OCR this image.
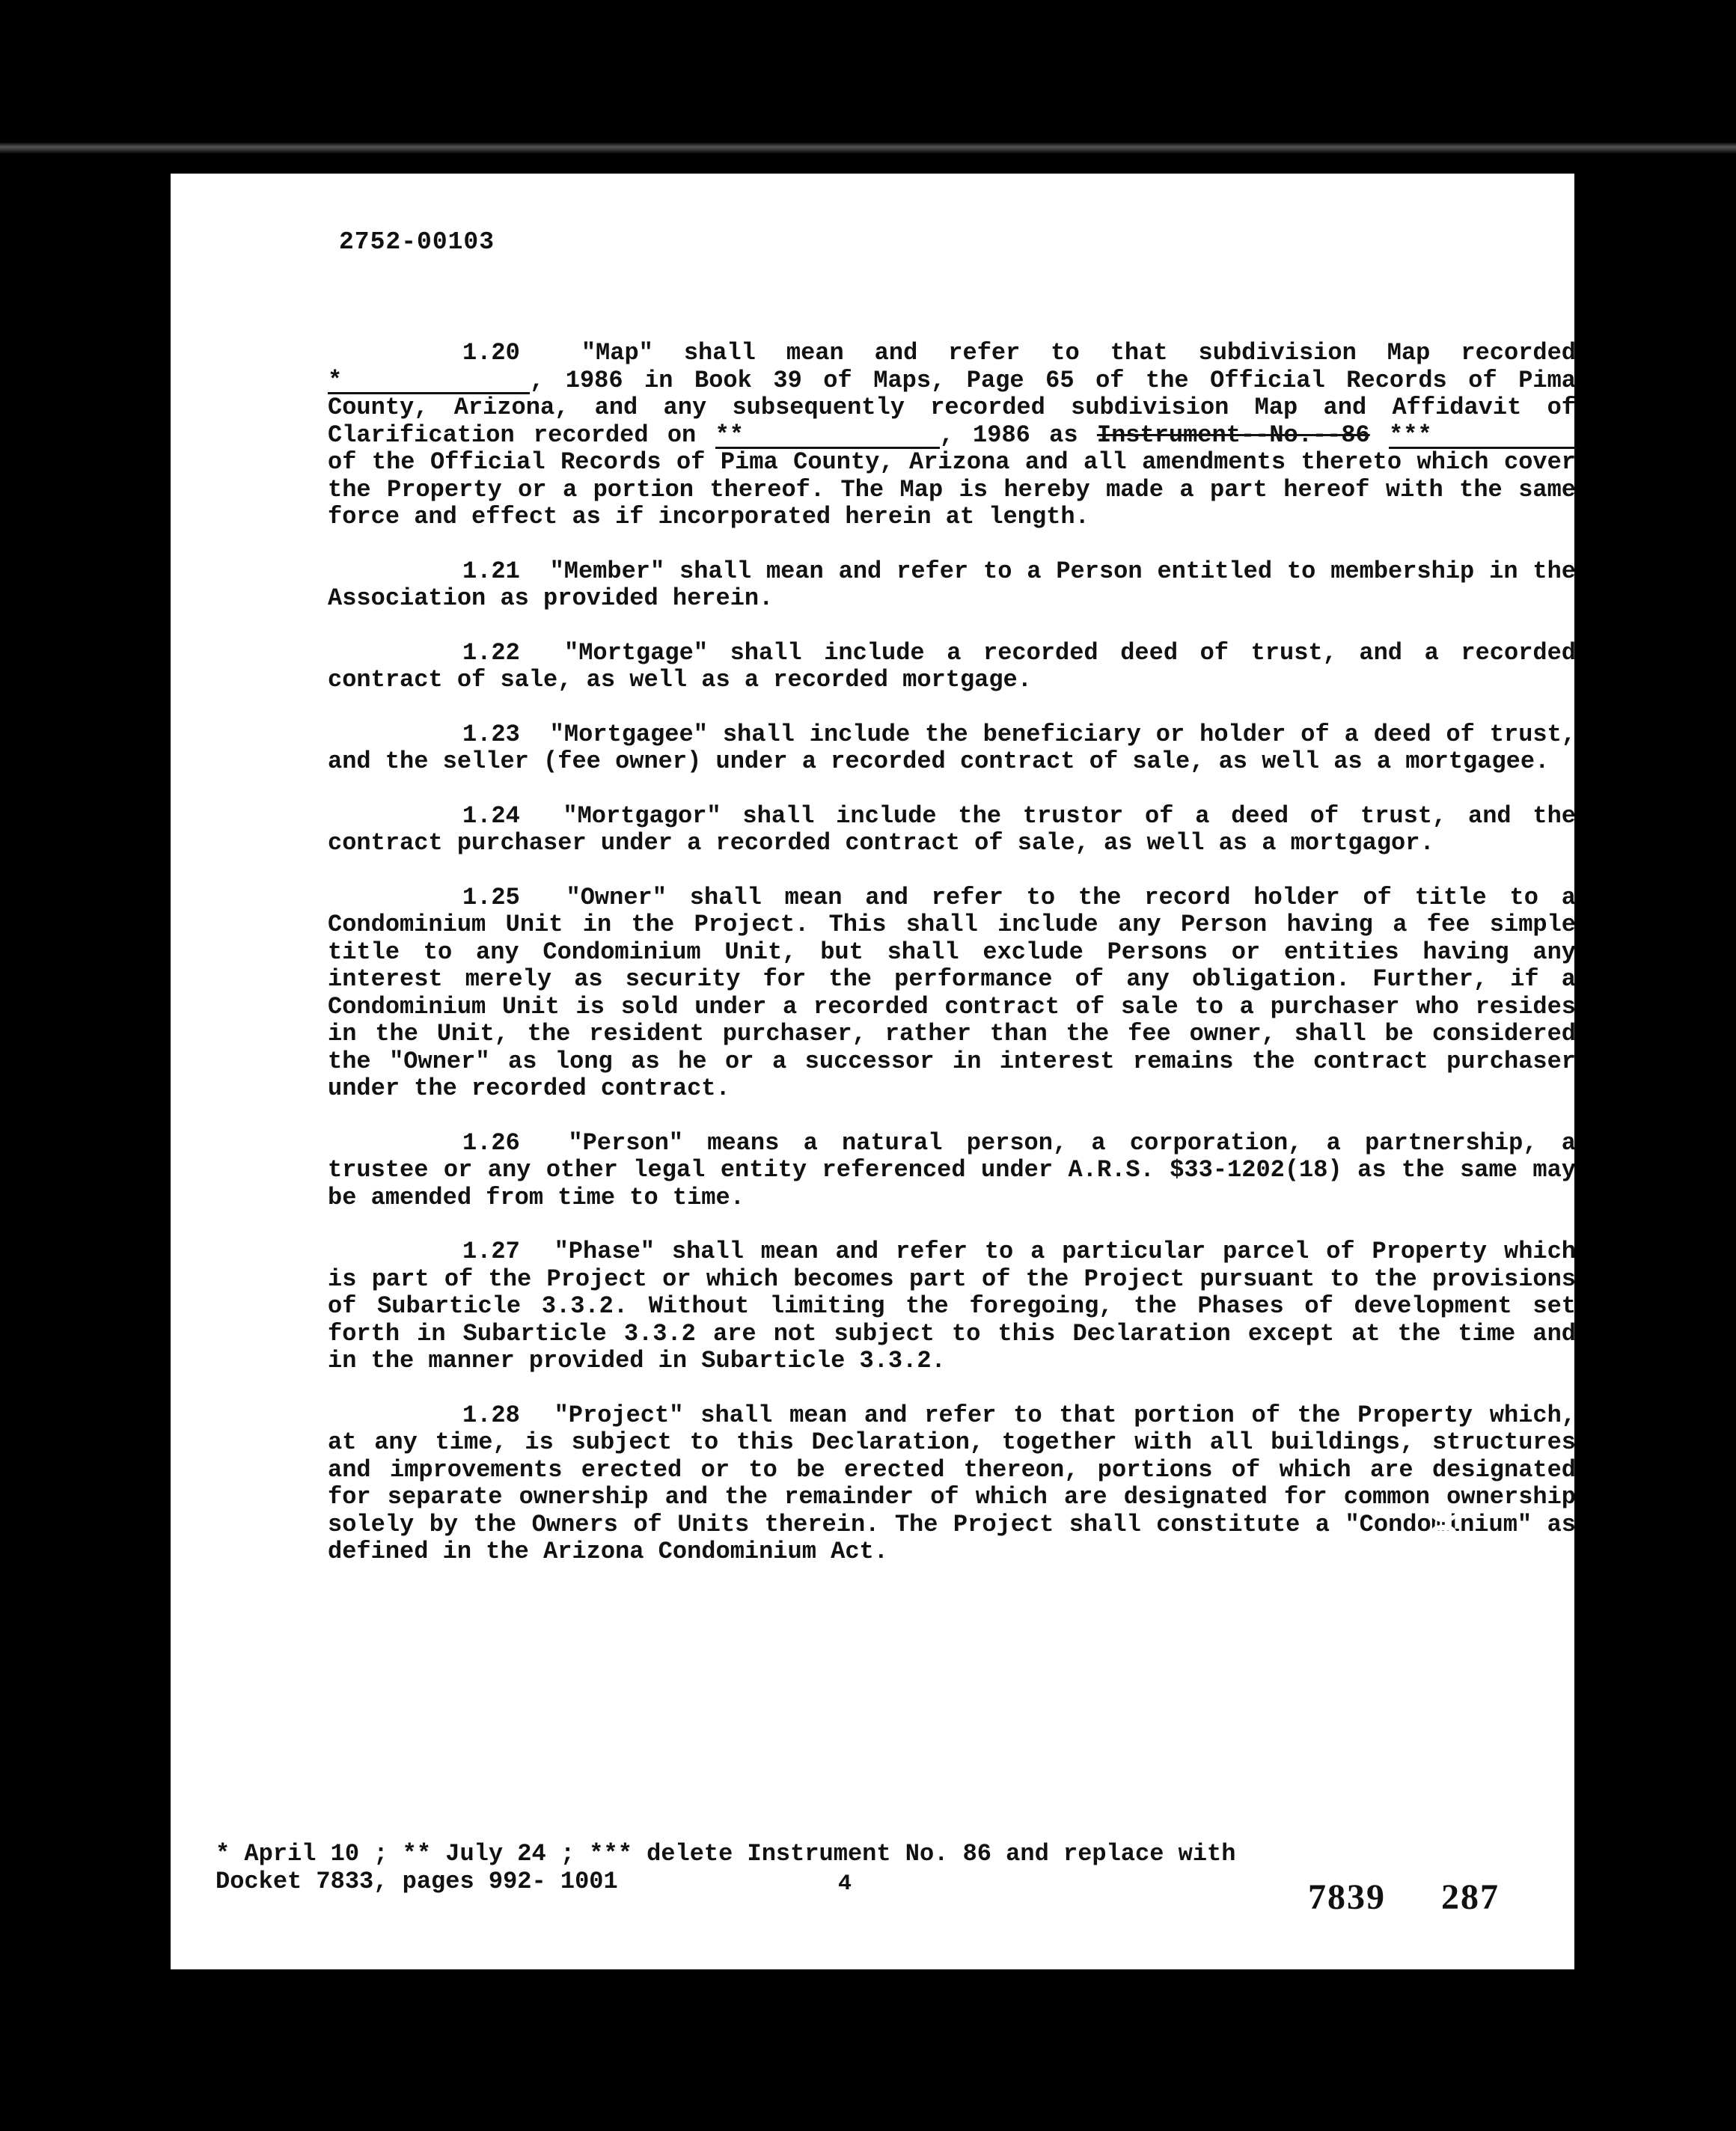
2752-00103

1.20	"Map" shall mean and refer to that subdivision Map recorded *	, 1986 in Book 39 of Maps, Page 65 of the Official Records of Pima County, Arizona, and any subsequently recorded subdivision Map and Affidavit of Clarification recorded on **	, 1986 as Instrument--No.--86 *** of the Official Records of Pima County, Arizona and all amendments thereto which cover the Property or a portion thereof. The Map is hereby made a part hereof with the same force and effect as if incorporated herein at length.

1.21 "Member" shall mean and refer to a Person entitled to membership in the Association as provided herein.

1.22 "Mortgage" shall include a recorded deed of trust, and a recorded contract of sale, as well as a recorded mortgage.

1.23 "Mortgagee" shall include the beneficiary or holder of a deed of trust, and the seller (fee owner) under a recorded contract of sale, as well as a mortgagee.

1.24 "Mortgagor" shall include the trustor of a deed of trust, and the contract purchaser under a recorded contract of sale, as well as a mortgagor.

1.25 "Owner" shall mean and refer to the record holder of title to a Condominium Unit in the Project. This shall include any Person having a fee simple title to any Condominium Unit, but shall exclude Persons or entities having any interest merely as security for the performance of any obligation. Further, if a Condominium Unit is sold under a recorded contract of sale to a purchaser who resides in the Unit, the resident purchaser, rather than the fee owner, shall be considered the "Owner" as long as he or a successor in interest remains the contract purchaser under the recorded contract.

1.26 "Person" means a natural person, a corporation, a partnership, a trustee or any other legal entity referenced under A.R.S. $33-1202(18) as the same may be amended from time to time.

1.27 "Phase" shall mean and refer to a particular parcel of Property which is part of the Project or which becomes part of the Project pursuant to the provisions of Subarticle 3.3.2. Without limiting the foregoing, the Phases of development set forth in Subarticle 3.3.2 are not subject to this Declaration except at the time and in the manner provided in Subarticle 3.3.2.

1.28 "Project" shall mean and refer to that portion of the Property which, at any time, is subject to this Declaration, together with all buildings, structures and improvements erected or to be erected thereon, portions of which are designated for separate ownership and the remainder of which are designated for common ownership solely by the Owners of Units therein. The Project shall constitute a "Condominium" as defined in the Arizona Condominium Act.

* April 10 ; ** July 24 ; *** delete Instrument No. 86 and replace with
Docket 7833, pages 992- 1001	4	7839 287
7833 — 996
